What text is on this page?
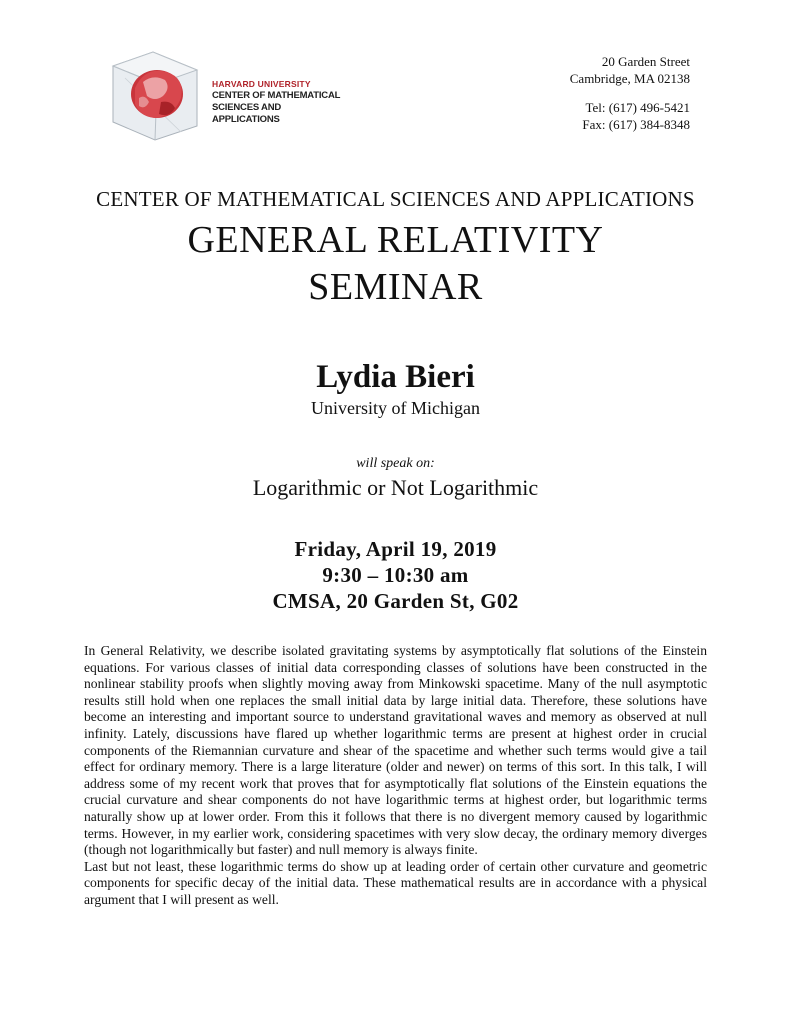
HARVARD UNIVERSITY
CENTER OF MATHEMATICAL
SCIENCES AND APPLICATIONS
20 Garden Street
Cambridge, MA 02138
Tel: (617) 496-5421
Fax: (617) 384-8348
CENTER OF MATHEMATICAL SCIENCES AND APPLICATIONS
GENERAL RELATIVITY
SEMINAR
Lydia Bieri
University of Michigan
will speak on:
Logarithmic or Not Logarithmic
Friday, April 19, 2019
9:30 – 10:30 am
CMSA, 20 Garden St, G02

In General Relativity, we describe isolated gravitating systems by asymptotically flat solutions of the Einstein equations. For various classes of initial data corresponding classes of solutions have been constructed in the nonlinear stability proofs when slightly moving away from Minkowski spacetime. Many of the null asymptotic results still hold when one replaces the small initial data by large initial data. Therefore, these solutions have become an interesting and important source to understand gravitational waves and memory as observed at null infinity. Lately, discussions have flared up whether logarithmic terms are present at highest order in crucial components of the Riemannian curvature and shear of the spacetime and whether such terms would give a tail effect for ordinary memory. There is a large literature (older and newer) on terms of this sort. In this talk, I will address some of my recent work that proves that for asymptotically flat solutions of the Einstein equations the crucial curvature and shear components do not have logarithmic terms at highest order, but logarithmic terms naturally show up at lower order. From this it follows that there is no divergent memory caused by logarithmic terms. However, in my earlier work, considering spacetimes with very slow decay, the ordinary memory diverges (though not logarithmically but faster) and null memory is always finite.

Last but not least, these logarithmic terms do show up at leading order of certain other curvature and geometric components for specific decay of the initial data. These mathematical results are in accordance with a physical argument that I will present as well.
